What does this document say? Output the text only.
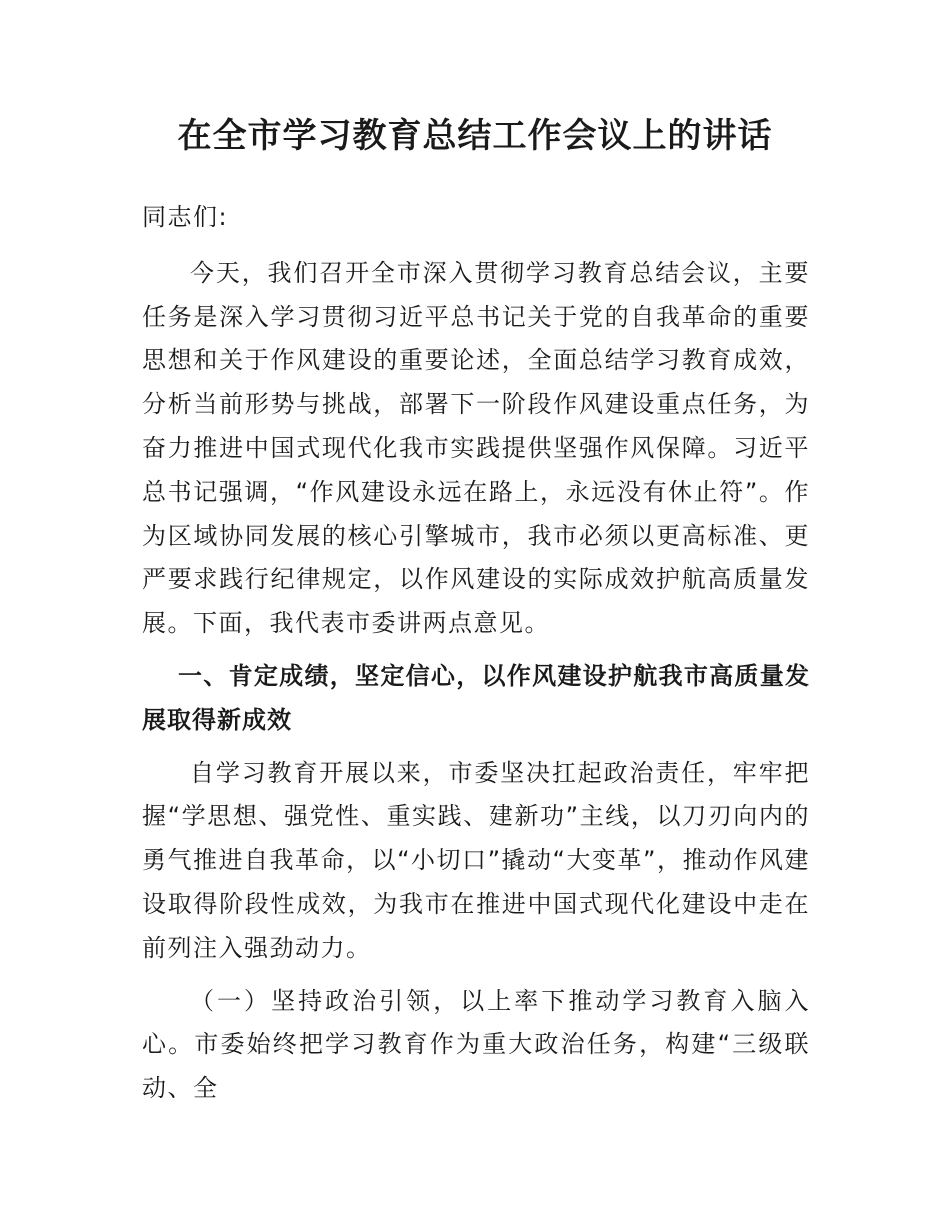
在全市学习教育总结工作会议上的讲话

同志们:

今天，我们召开全市深入贯彻学习教育总结会议，主要任务是深入学习贯彻习近平总书记关于党的自我革命的重要思想和关于作风建设的重要论述，全面总结学习教育成效，分析当前形势与挑战，部署下一阶段作风建设重点任务，为奋力推进中国式现代化我市实践提供坚强作风保障。习近平总书记强调，“作风建设永远在路上，永远没有休止符”。作为区域协同发展的核心引擎城市，我市必须以更高标准、更严要求践行纪律规定，以作风建设的实际成效护航高质量发展。下面，我代表市委讲两点意见。

一、肯定成绩，坚定信心，以作风建设护航我市高质量发展取得新成效

自学习教育开展以来，市委坚决扛起政治责任，牢牢把握“学思想、强党性、重实践、建新功”主线，以刀刃向内的勇气推进自我革命，以“小切口”撬动“大变革”，推动作风建设取得阶段性成效，为我市在推进中国式现代化建设中走在前列注入强劲动力。

（一）坚持政治引领，以上率下推动学习教育入脑入心。市委始终把学习教育作为重大政治任务，构建“三级联动、全
